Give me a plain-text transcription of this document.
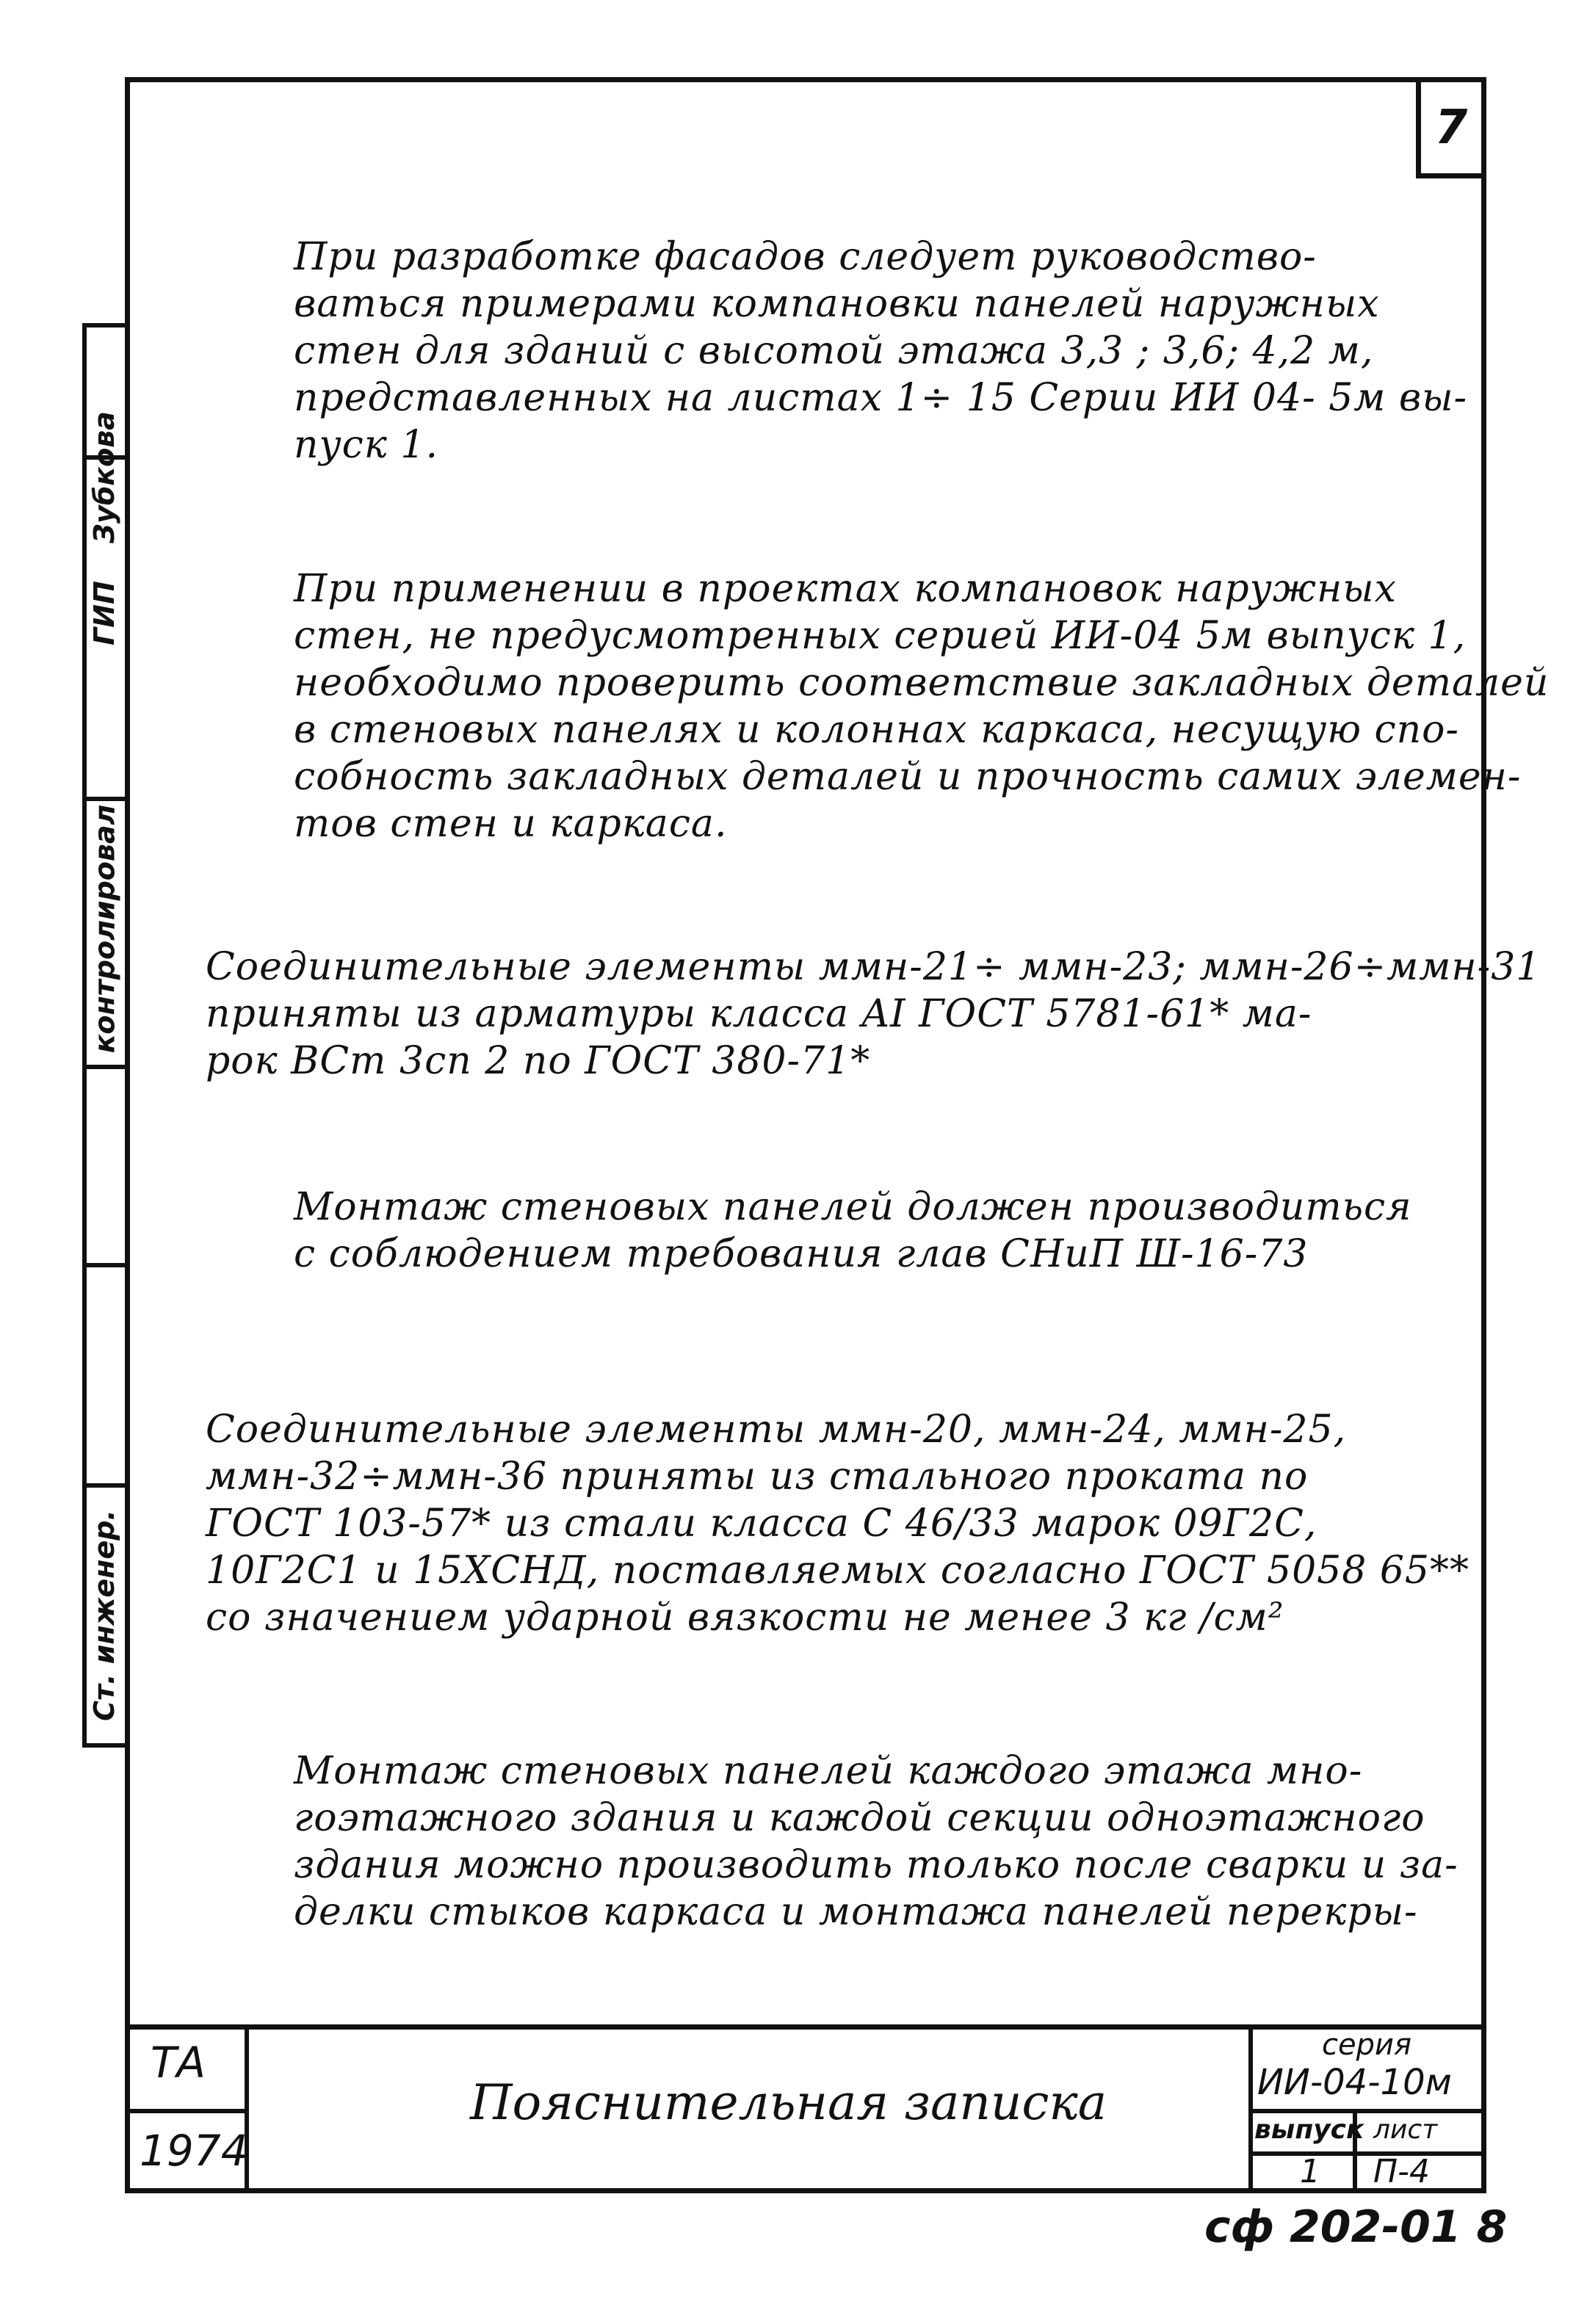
7
Зубкова
ГИП
контролировал
Ст. инженер.
При разработке фасадов следует руководство-
ваться примерами компановки панелей наружных
стен для зданий с высотой этажа 3,3 ; 3,6; 4,2 м,
представленных на листах 1÷ 15 Серии ИИ 04- 5м вы-
пуск 1.
При применении в проектах компановок наружных
стен, не предусмотренных серией ИИ-04 5м выпуск 1,
необходимо проверить соответствие закладных деталей
в стеновых панелях и колоннах каркаса, несущую спо-
собность закладных деталей и прочность самих элемен-
тов стен и каркаса.
Соединительные элементы ммн-21÷ ммн-23; ммн-26÷ммн-31
приняты из арматуры класса AI ГОСТ 5781-61* ма-
рок ВСт 3сп 2 по ГОСТ 380-71*
Монтаж стеновых панелей должен производиться
с соблюдением требования глав СНиП Ш-16-73
Соединительные элементы ммн-20, ммн-24, ммн-25,
ммн-32÷ммн-36 приняты из стального проката по
ГОСТ 103-57* из стали класса С 46/33 марок 09Г2С,
10Г2С1 и 15ХСНД, поставляемых согласно ГОСТ 5058 65**
со значением ударной вязкости не менее 3 кг /см²
Монтаж стеновых панелей каждого этажа мно-
гоэтажного здания и каждой секции одноэтажного
здания можно производить только после сварки и за-
делки стыков каркаса и монтажа панелей перекры-
ТА
1974
Пояснительная записка
серия
ИИ-04-10м
выпуск
1
лист
П-4
сф 202-01 8
